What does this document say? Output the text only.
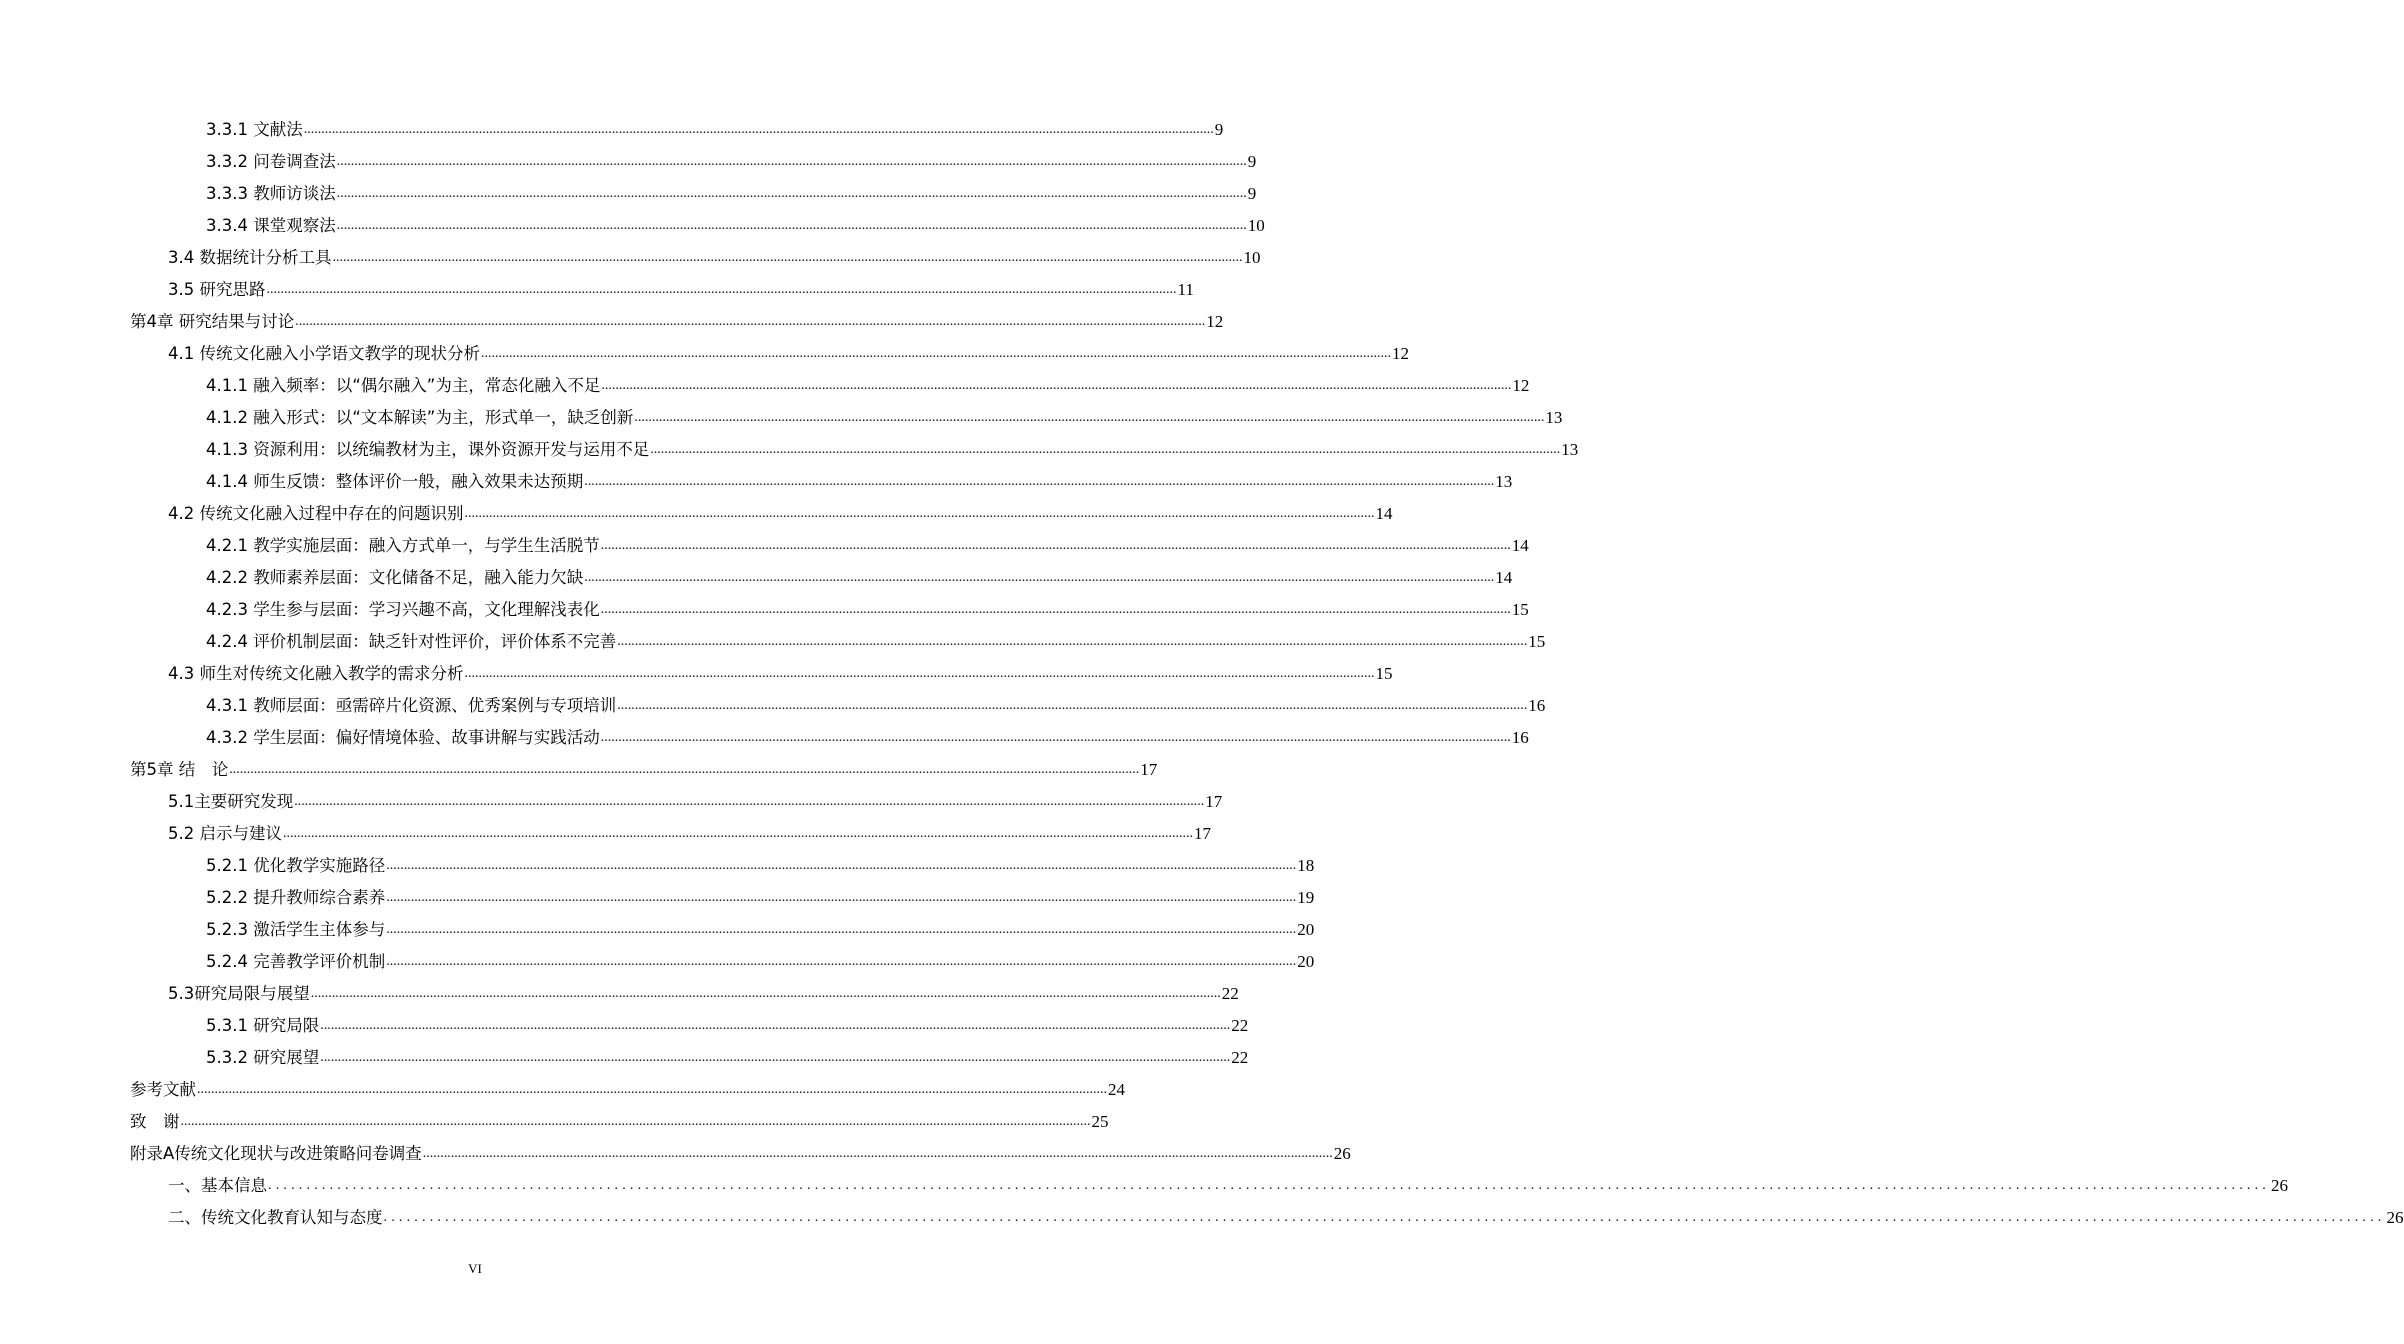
3.3.1 文献法 .................................................................................................................................................................................................................................................................... 9
3.3.2 问卷调查法 .................................................................................................................................................................................................................................................................... 9
3.3.3 教师访谈法 .................................................................................................................................................................................................................................................................... 9
3.3.4 课堂观察法 .................................................................................................................................................................................................................................................................... 10
3.4 数据统计分析工具 .................................................................................................................................................................................................................................................................... 10
3.5 研究思路 .................................................................................................................................................................................................................................................................... 11
第4章 研究结果与讨论 .................................................................................................................................................................................................................................................................... 12
4.1 传统文化融入小学语文教学的现状分析 .................................................................................................................................................................................................................................................................... 12
4.1.1 融入频率：以“偶尔融入”为主，常态化融入不足 .................................................................................................................................................................................................................................................................... 12
4.1.2 融入形式：以“文本解读”为主，形式单一，缺乏创新 .................................................................................................................................................................................................................................................................... 13
4.1.3 资源利用：以统编教材为主，课外资源开发与运用不足 .................................................................................................................................................................................................................................................................... 13
4.1.4 师生反馈：整体评价一般，融入效果未达预期 .................................................................................................................................................................................................................................................................... 13
4.2 传统文化融入过程中存在的问题识别 .................................................................................................................................................................................................................................................................... 14
4.2.1 教学实施层面：融入方式单一，与学生生活脱节 .................................................................................................................................................................................................................................................................... 14
4.2.2 教师素养层面：文化储备不足，融入能力欠缺 .................................................................................................................................................................................................................................................................... 14
4.2.3 学生参与层面：学习兴趣不高，文化理解浅表化 .................................................................................................................................................................................................................................................................... 15
4.2.4 评价机制层面：缺乏针对性评价，评价体系不完善 .................................................................................................................................................................................................................................................................... 15
4.3 师生对传统文化融入教学的需求分析 .................................................................................................................................................................................................................................................................... 15
4.3.1 教师层面：亟需碎片化资源、优秀案例与专项培训 .................................................................................................................................................................................................................................................................... 16
4.3.2 学生层面：偏好情境体验、故事讲解与实践活动 .................................................................................................................................................................................................................................................................... 16
第5章 结　论 .................................................................................................................................................................................................................................................................... 17
5.1主要研究发现 .................................................................................................................................................................................................................................................................... 17
5.2 启示与建议 .................................................................................................................................................................................................................................................................... 17
5.2.1 优化教学实施路径 .................................................................................................................................................................................................................................................................... 18
5.2.2 提升教师综合素养 .................................................................................................................................................................................................................................................................... 19
5.2.3 激活学生主体参与 .................................................................................................................................................................................................................................................................... 20
5.2.4 完善教学评价机制 .................................................................................................................................................................................................................................................................... 20
5.3研究局限与展望 .................................................................................................................................................................................................................................................................... 22
5.3.1 研究局限 .................................................................................................................................................................................................................................................................... 22
5.3.2 研究展望 .................................................................................................................................................................................................................................................................... 22
参考文献 .................................................................................................................................................................................................................................................................... 24
致　谢 .................................................................................................................................................................................................................................................................... 25
附录A传统文化现状与改进策略问卷调查 .................................................................................................................................................................................................................................................................... 26
一、基本信息 .................................................................................................................................................................................................................................................................... 26
二、传统文化教育认知与态度 .................................................................................................................................................................................................................................................................... 26
VI
